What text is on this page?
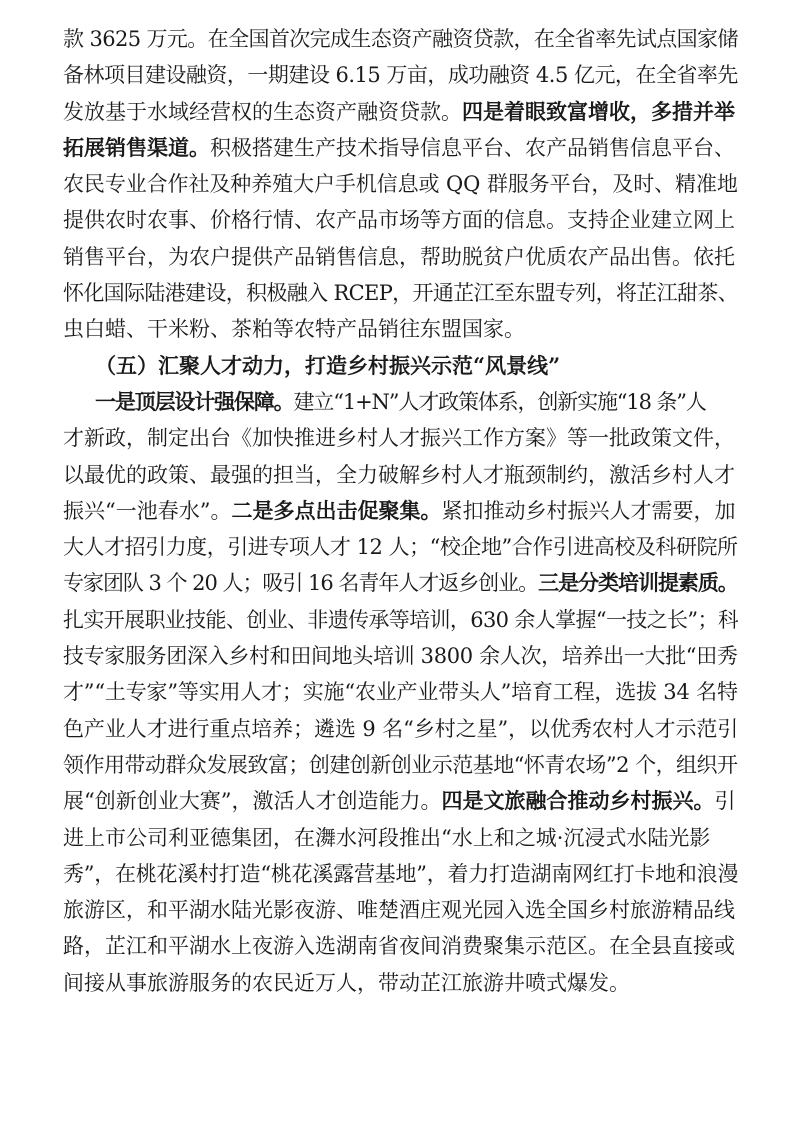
款 3625 万元。在全国首次完成生态资产融资贷款，在全省率先试点国家储
备林项目建设融资，一期建设 6.15 万亩，成功融资 4.5 亿元，在全省率先
发放基于水域经营权的生态资产融资贷款。四是着眼致富增收，多措并举
拓展销售渠道。积极搭建生产技术指导信息平台、农产品销售信息平台、
农民专业合作社及种养殖大户手机信息或 QQ 群服务平台，及时、精准地
提供农时农事、价格行情、农产品市场等方面的信息。支持企业建立网上
销售平台，为农户提供产品销售信息，帮助脱贫户优质农产品出售。依托
怀化国际陆港建设，积极融入 RCEP，开通芷江至东盟专列，将芷江甜茶、
虫白蜡、干米粉、茶粕等农特产品销往东盟国家。
（五）汇聚人才动力，打造乡村振兴示范“风景线”
一是顶层设计强保障。建立“1+N”人才政策体系，创新实施“18 条”人
才新政，制定出台《加快推进乡村人才振兴工作方案》等一批政策文件，
以最优的政策、最强的担当，全力破解乡村人才瓶颈制约，激活乡村人才
振兴“一池春水”。二是多点出击促聚集。紧扣推动乡村振兴人才需要，加
大人才招引力度，引进专项人才 12 人；“校企地”合作引进高校及科研院所
专家团队 3 个 20 人；吸引 16 名青年人才返乡创业。三是分类培训提素质。
扎实开展职业技能、创业、非遗传承等培训，630 余人掌握“一技之长”；科
技专家服务团深入乡村和田间地头培训 3800 余人次，培养出一大批“田秀
才”“土专家”等实用人才；实施“农业产业带头人”培育工程，选拔 34 名特
色产业人才进行重点培养；遴选 9 名“乡村之星”，以优秀农村人才示范引
领作用带动群众发展致富；创建创新创业示范基地“怀青农场”2 个，组织开
展“创新创业大赛”，激活人才创造能力。四是文旅融合推动乡村振兴。引
进上市公司利亚德集团，在㵲水河段推出“水上和之城·沉浸式水陆光影
秀”，在桃花溪村打造“桃花溪露营基地”，着力打造湖南网红打卡地和浪漫
旅游区，和平湖水陆光影夜游、唯楚酒庄观光园入选全国乡村旅游精品线
路，芷江和平湖水上夜游入选湖南省夜间消费聚集示范区。在全县直接或
间接从事旅游服务的农民近万人，带动芷江旅游井喷式爆发。
